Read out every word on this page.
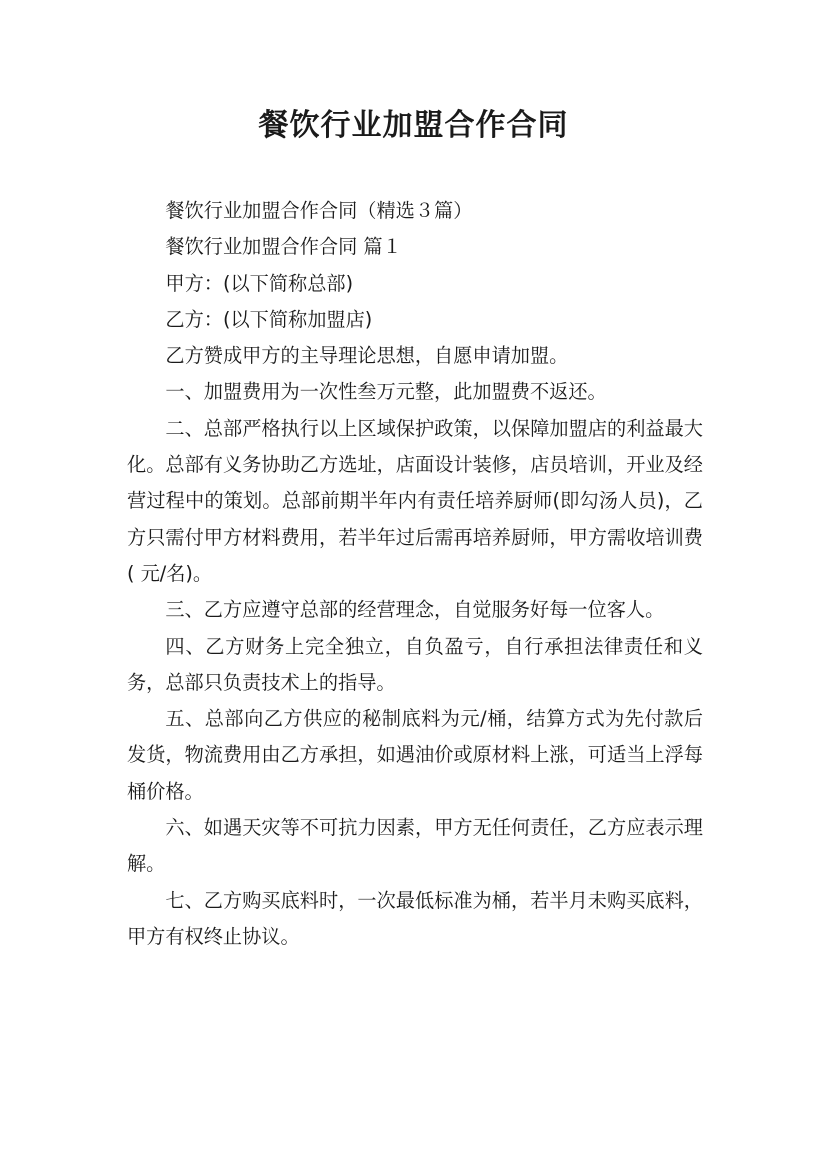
餐饮行业加盟合作合同

餐饮行业加盟合作合同（精选３篇）

餐饮行业加盟合作合同 篇１

甲方：(以下简称总部)

乙方：(以下简称加盟店)

乙方赞成甲方的主导理论思想，自愿申请加盟。

一、加盟费用为一次性叁万元整，此加盟费不返还。

二、总部严格执行以上区域保护政策，以保障加盟店的利益最大化。总部有义务协助乙方选址，店面设计装修，店员培训，开业及经营过程中的策划。总部前期半年内有责任培养厨师(即勾汤人员)，乙方只需付甲方材料费用，若半年过后需再培养厨师，甲方需收培训费( 元/名)。

三、乙方应遵守总部的经营理念，自觉服务好每一位客人。

四、乙方财务上完全独立，自负盈亏，自行承担法律责任和义务，总部只负责技术上的指导。

五、总部向乙方供应的秘制底料为元/桶，结算方式为先付款后发货，物流费用由乙方承担，如遇油价或原材料上涨，可适当上浮每桶价格。

六、如遇天灾等不可抗力因素，甲方无任何责任，乙方应表示理解。

七、乙方购买底料时，一次最低标准为桶，若半月未购买底料，甲方有权终止协议。
